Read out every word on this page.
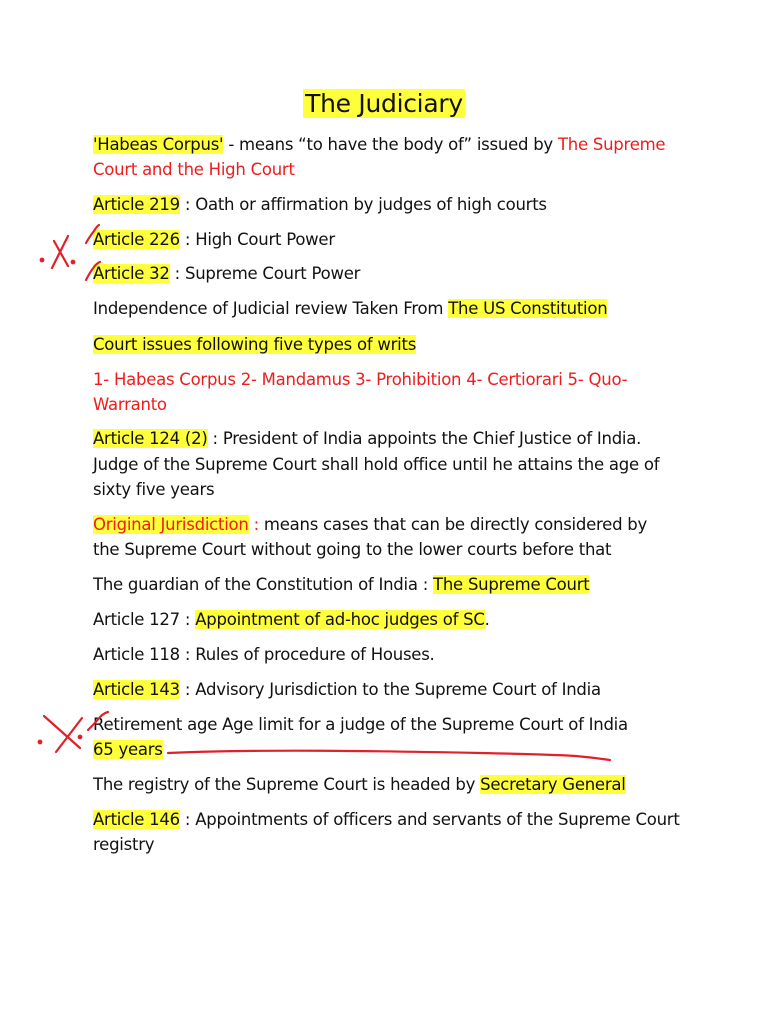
The Judiciary
'Habeas Corpus' - means “to have the body of” issued by The Supreme
Court and the High Court
Article 219 : Oath or affirmation by judges of high courts
Article 226 : High Court Power
Article 32 : Supreme Court Power
Independence of Judicial review Taken From The US Constitution
Court issues following five types of writs
1- Habeas Corpus 2- Mandamus 3- Prohibition 4- Certiorari 5- Quo-
Warranto
Article 124 (2) : President of India appoints the Chief Justice of India.
Judge of the Supreme Court shall hold office until he attains the age of
sixty five years
Original Jurisdiction : means cases that can be directly considered by
the Supreme Court without going to the lower courts before that
The guardian of the Constitution of India : The Supreme Court
Article 127 : Appointment of ad-hoc judges of SC.
Article 118 : Rules of procedure of Houses.
Article 143 : Advisory Jurisdiction to the Supreme Court of India
Retirement age Age limit for a judge of the Supreme Court of India
65 years
The registry of the Supreme Court is headed by Secretary General
Article 146 : Appointments of officers and servants of the Supreme Court
registry
